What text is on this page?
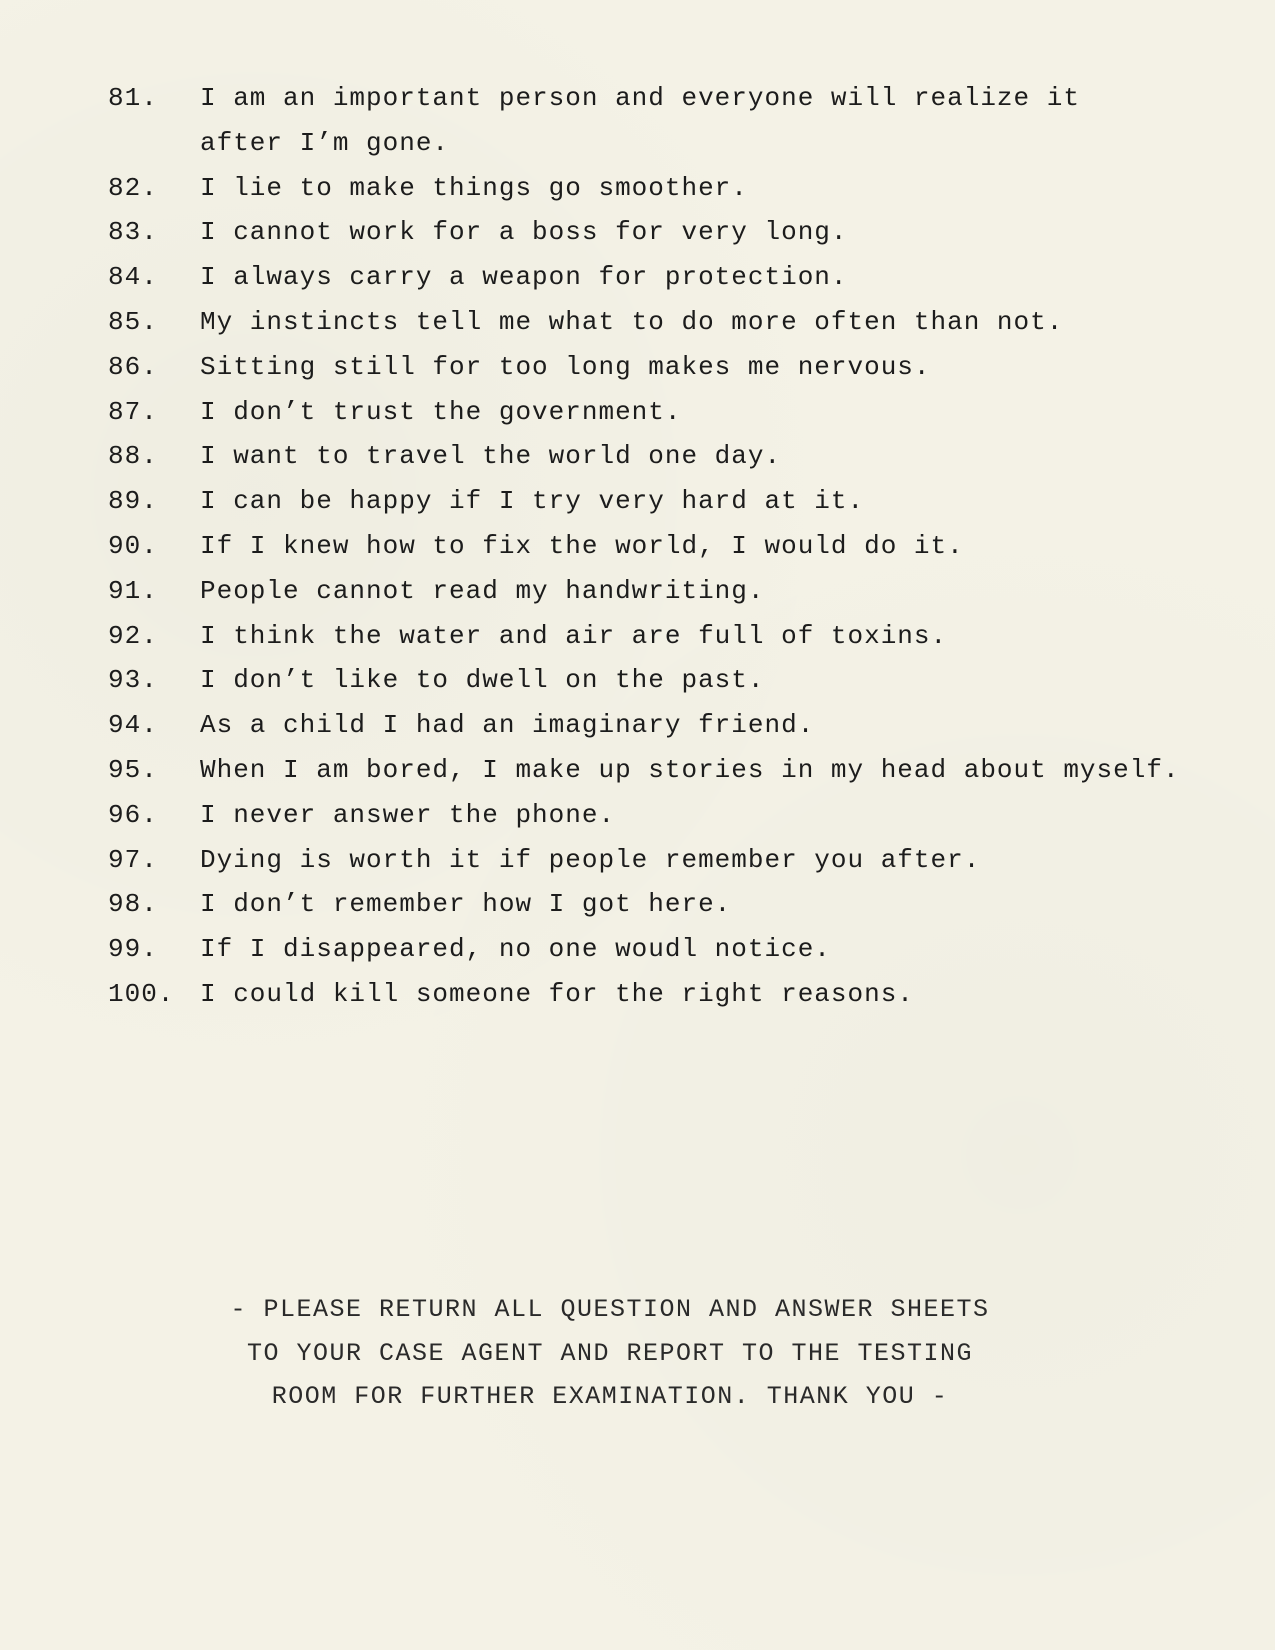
81.	I am an important person and everyone will realize it
after I’m gone.
82.	I lie to make things go smoother.
83.	I cannot work for a boss for very long.
84.	I always carry a weapon for protection.
85.	My instincts tell me what to do more often than not.
86.	Sitting still for too long makes me nervous.
87.	I don’t trust the government.
88.	I want to travel the world one day.
89.	I can be happy if I try very hard at it.
90.	If I knew how to fix the world, I would do it.
91.	People cannot read my handwriting.
92.	I think the water and air are full of toxins.
93.	I don’t like to dwell on the past.
94.	As a child I had an imaginary friend.
95.	When I am bored, I make up stories in my head about myself.
96.	I never answer the phone.
97.	Dying is worth it if people remember you after.
98.	I don’t remember how I got here.
99.	If I disappeared, no one woudl notice.
100. I could kill someone for the right reasons.
- PLEASE RETURN ALL QUESTION AND ANSWER SHEETS
TO YOUR CASE AGENT AND REPORT TO THE TESTING
ROOM FOR FURTHER EXAMINATION. THANK YOU -
